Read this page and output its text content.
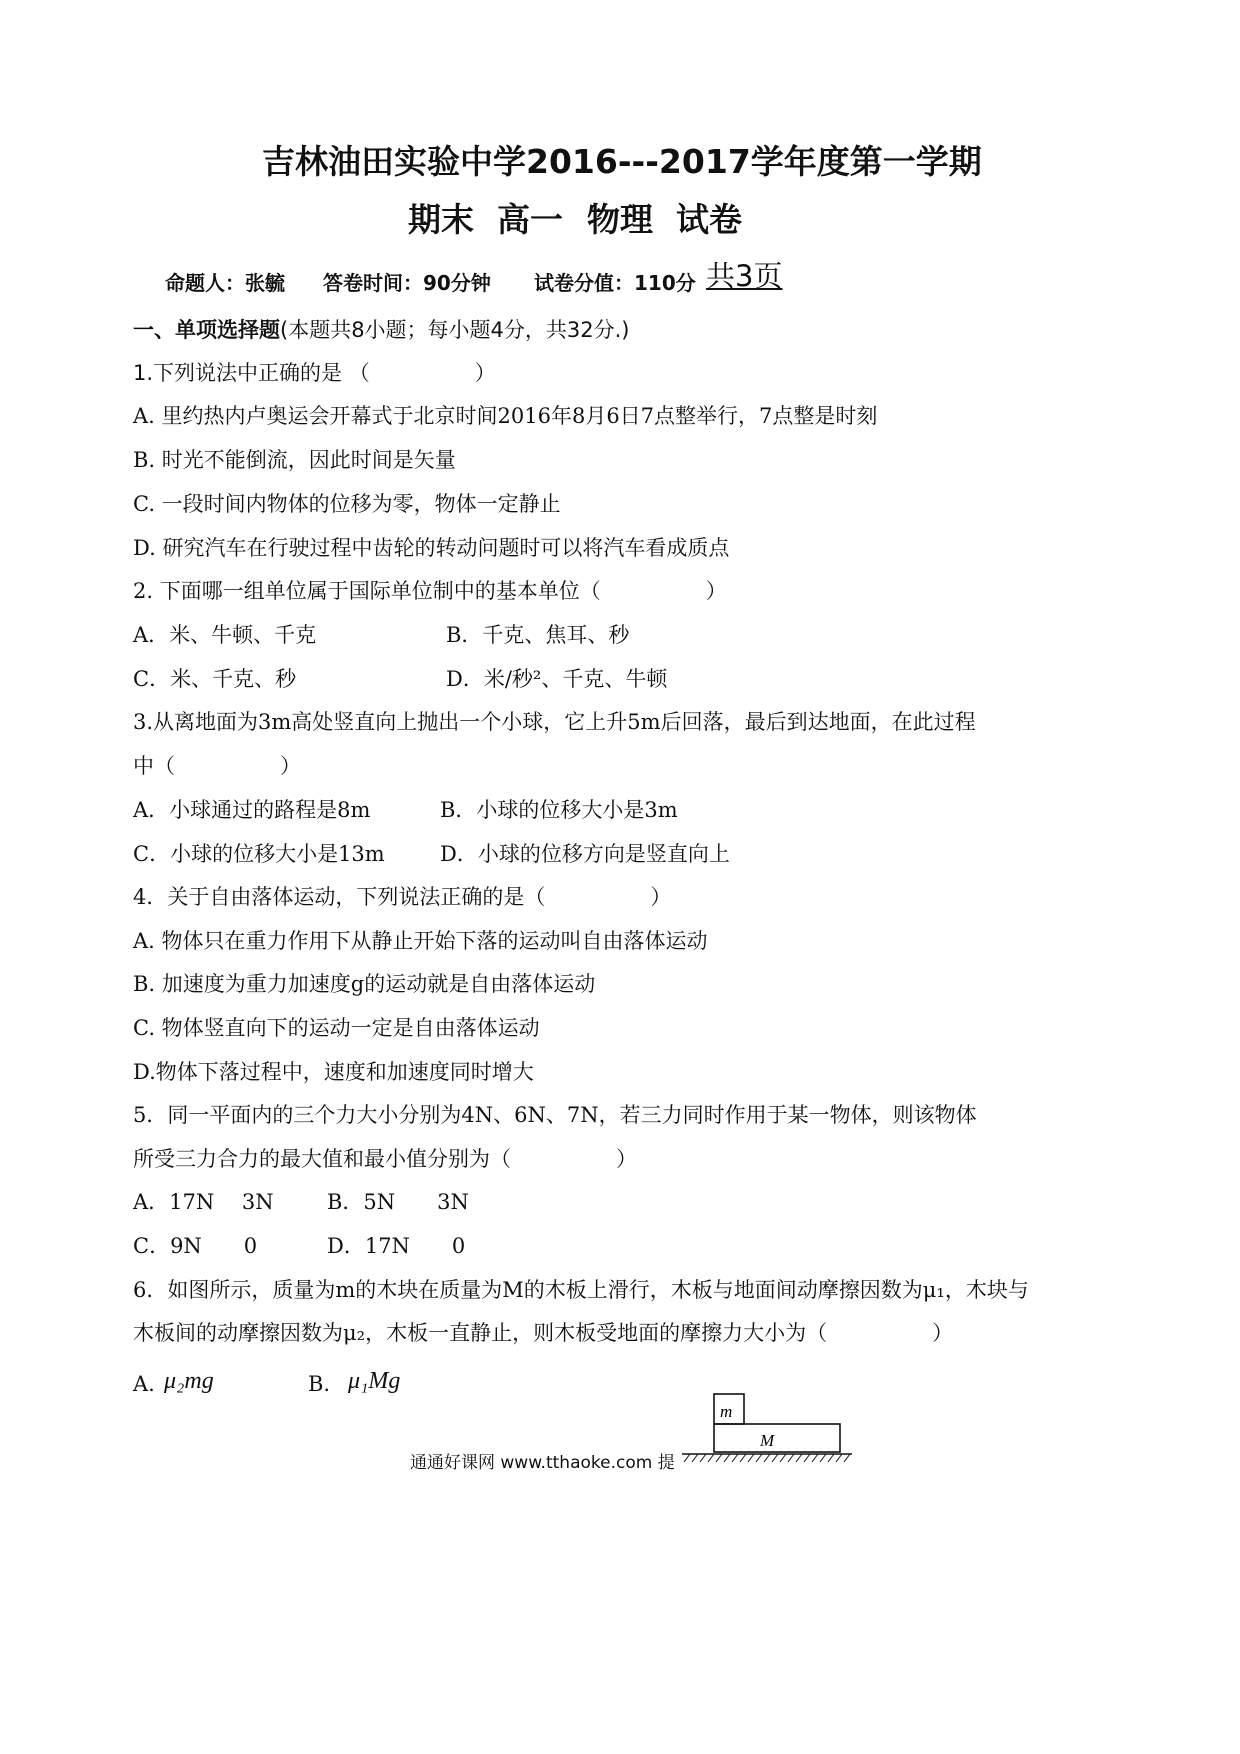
吉林油田实验中学2016---2017学年度第一学期
期末 高一 物理 试卷
命题人：张毓 答卷时间：90分钟 试卷分值：110分 共3页
一、单项选择题 (本题共8小题；每小题4分，共32分.)
1.下列说法中正确的是 （　　　　　）
A. 里约热内卢奥运会开幕式于北京时间2016年8月6日7点整举行，7点整是时刻
B. 时光不能倒流，因此时间是矢量
C. 一段时间内物体的位移为零，物体一定静止
D. 研究汽车在行驶过程中齿轮的转动问题时可以将汽车看成质点
2. 下面哪一组单位属于国际单位制中的基本单位（　　　　　）
A．米、牛顿、千克	B．千克、焦耳、秒
C．米、千克、秒	D．米/秒²、千克、牛顿
3.从离地面为3m高处竖直向上抛出一个小球，它上升5m后回落，最后到达地面，在此过程
中（　　　　　）
A．小球通过的路程是8m	B．小球的位移大小是3m
C．小球的位移大小是13m	D．小球的位移方向是竖直向上
4．关于自由落体运动，下列说法正确的是（　　　　　）
A. 物体只在重力作用下从静止开始下落的运动叫自由落体运动
B. 加速度为重力加速度g的运动就是自由落体运动
C. 物体竖直向下的运动一定是自由落体运动
D.物体下落过程中，速度和加速度同时增大
5．同一平面内的三个力大小分别为4N、6N、7N，若三力同时作用于某一物体，则该物体
所受三力合力的最大值和最小值分别为（　　　　　）
A．17N　 3N	B．5N　　3N
C．9N　　0	D．17N　　0
6．如图所示，质量为m的木块在质量为M的木板上滑行，木板与地面间动摩擦因数为μ₁，木块与
木板间的动摩擦因数为μ₂，木板一直静止，则木板受地面的摩擦力大小为（　　　　　）
A. μ₂mg	B. μ₁Mg
m
M
通通好课网 www.tthaoke.com 提
